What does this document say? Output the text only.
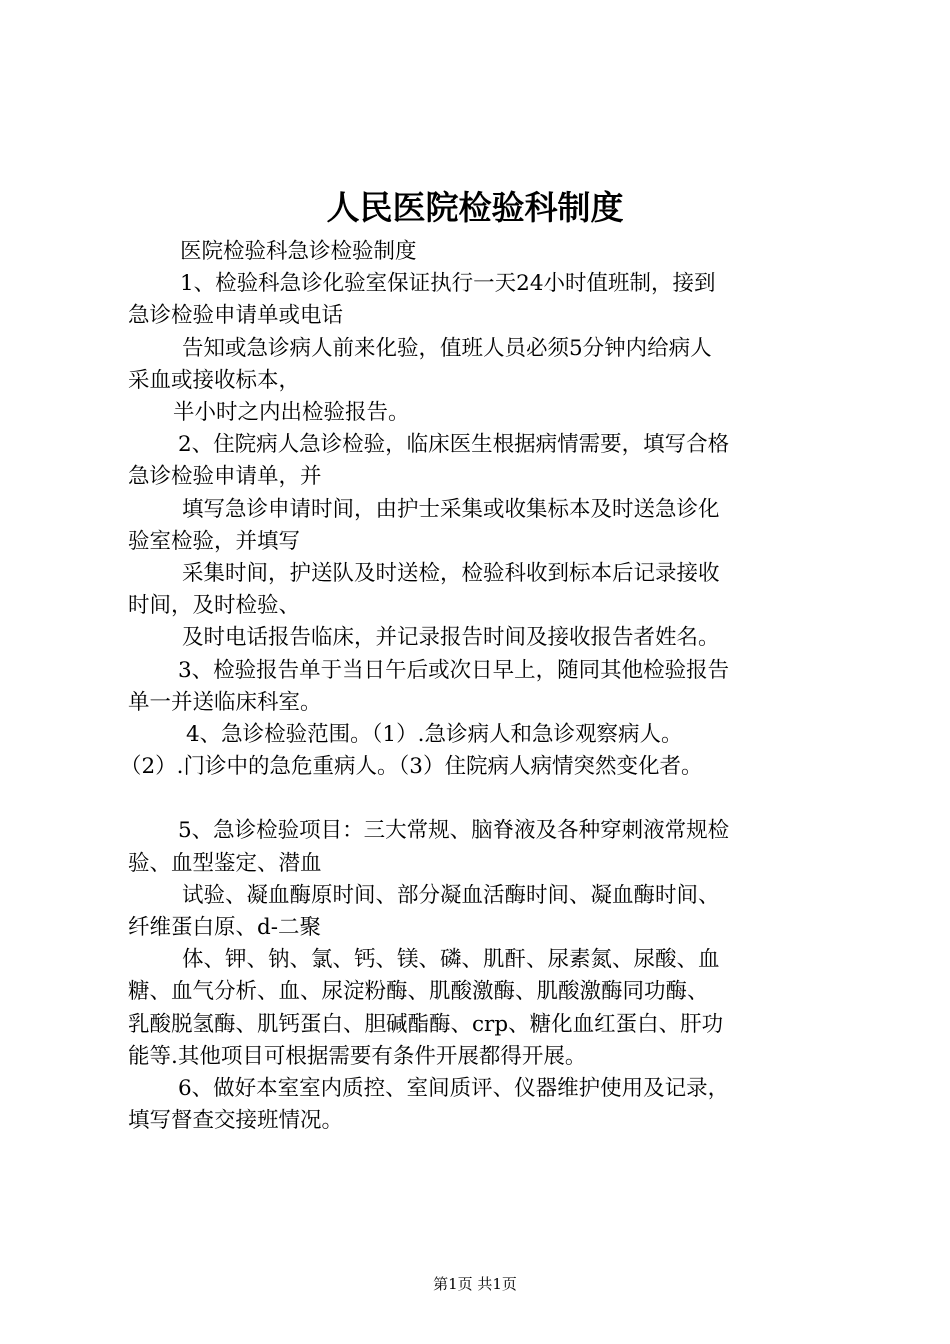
人民医院检验科制度

医院检验科急诊检验制度

1、检验科急诊化验室保证执行一天24小时值班制，接到

急诊检验申请单或电话

告知或急诊病人前来化验，值班人员必须5分钟内给病人

采血或接收标本，

半小时之内出检验报告。

2、住院病人急诊检验，临床医生根据病情需要，填写合格

急诊检验申请单，并

填写急诊申请时间，由护士采集或收集标本及时送急诊化

验室检验，并填写

采集时间，护送队及时送检，检验科收到标本后记录接收

时间，及时检验、

及时电话报告临床，并记录报告时间及接收报告者姓名。

3、检验报告单于当日午后或次日早上，随同其他检验报告

单一并送临床科室。

4、急诊检验范围。（1）.急诊病人和急诊观察病人。

（2）.门诊中的急危重病人。（3）住院病人病情突然变化者。

5、急诊检验项目：三大常规、脑脊液及各种穿刺液常规检

验、血型鉴定、潜血

试验、凝血酶原时间、部分凝血活酶时间、凝血酶时间、

纤维蛋白原、d-二聚

体、钾、钠、氯、钙、镁、磷、肌酐、尿素氮、尿酸、血

糖、血气分析、血、尿淀粉酶、肌酸激酶、肌酸激酶同功酶、

乳酸脱氢酶、肌钙蛋白、胆碱酯酶、crp、糖化血红蛋白、肝功

能等.其他项目可根据需要有条件开展都得开展。

6、做好本室室内质控、室间质评、仪器维护使用及记录，

填写督查交接班情况。

第1页 共1页
